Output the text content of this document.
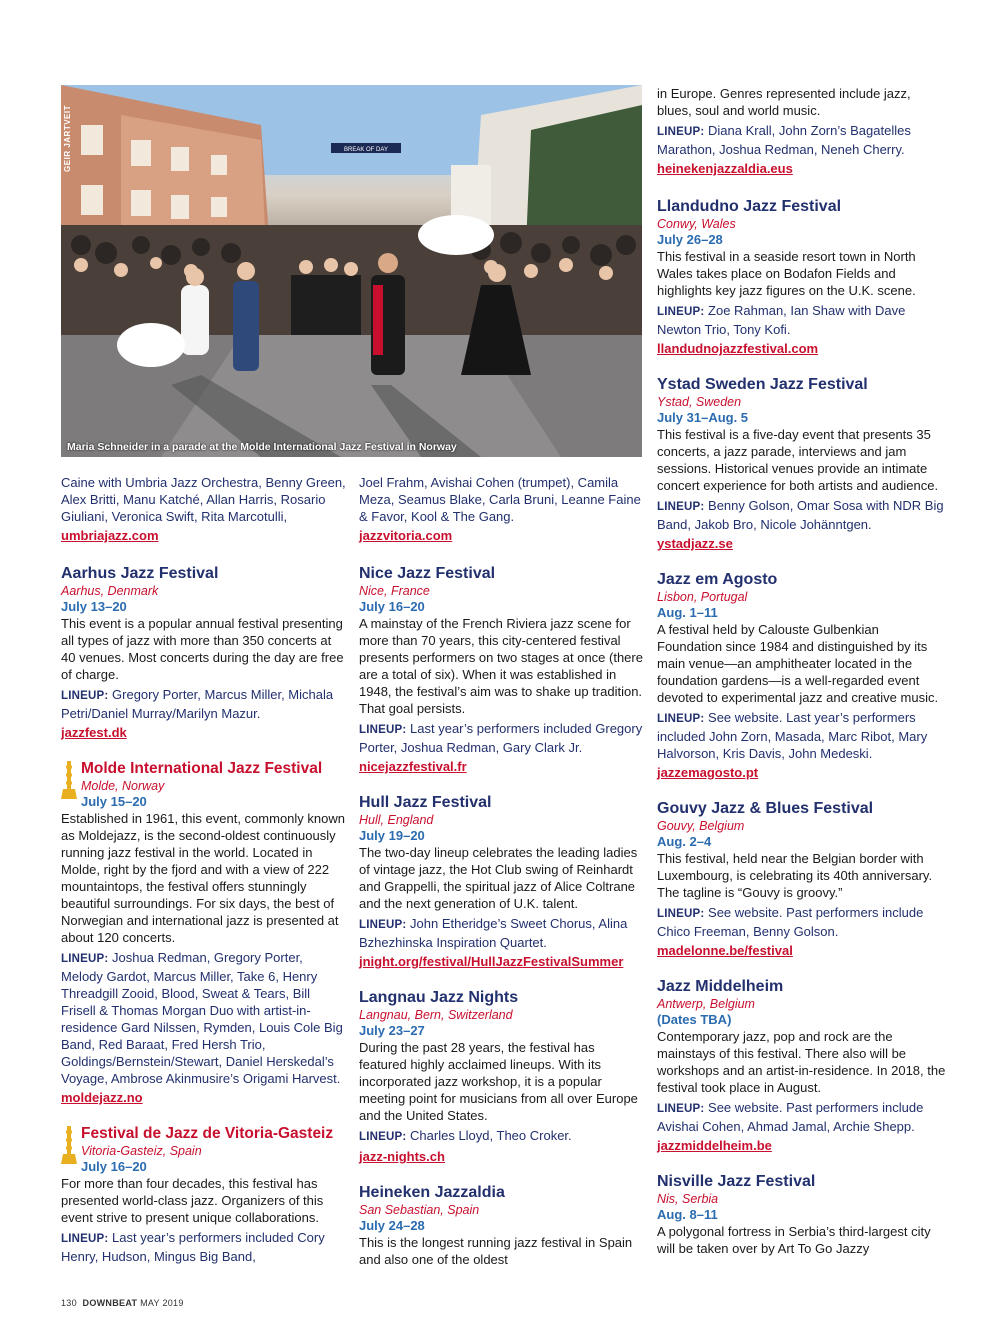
BREAK OF DAY
GEIR JARTVEIT
Maria Schneider in a parade at the Molde International Jazz Festival in Norway
Caine with Umbria Jazz Orchestra, Benny Green, Alex Britti, Manu Katché, Allan Harris, Rosario Giuliani, Veronica Swift, Rita Marcotulli,
umbriajazz.com
Aarhus Jazz Festival
Aarhus, Denmark
July 13–20
This event is a popular annual festival presenting all types of jazz with more than 350 concerts at 40 venues. Most concerts during the day are free of charge.
LINEUP: Gregory Porter, Marcus Miller, Michala Petri/Daniel Murray/Marilyn Mazur.
jazzfest.dk
Molde International Jazz Festival
Molde, Norway
July 15–20
Established in 1961, this event, commonly known as Moldejazz, is the second-oldest continuously running jazz festival in the world. Located in Molde, right by the fjord and with a view of 222 mountaintops, the festival offers stunningly beautiful surroundings. For six days, the best of Norwegian and international jazz is presented at about 120 concerts.
LINEUP: Joshua Redman, Gregory Porter, Melody Gardot, Marcus Miller, Take 6, Henry Threadgill Zooid, Blood, Sweat & Tears, Bill Frisell & Thomas Morgan Duo with artist-in-residence Gard Nilssen, Rymden, Louis Cole Big Band, Red Baraat, Fred Hersh Trio, Goldings/Bernstein/Stewart, Daniel Herskedal’s Voyage, Ambrose Akinmusire’s Origami Harvest.
moldejazz.no
Festival de Jazz de Vitoria-Gasteiz
Vitoria-Gasteiz, Spain
July 16–20
For more than four decades, this festival has presented world-class jazz. Organizers of this event strive to present unique collaborations.
LINEUP: Last year’s performers included Cory Henry, Hudson, Mingus Big Band,
Joel Frahm, Avishai Cohen (trumpet), Camila Meza, Seamus Blake, Carla Bruni, Leanne Faine & Favor, Kool & The Gang.
jazzvitoria.com
Nice Jazz Festival
Nice, France
July 16–20
A mainstay of the French Riviera jazz scene for more than 70 years, this city-centered festival presents performers on two stages at once (there are a total of six). When it was established in 1948, the festival’s aim was to shake up tradition. That goal persists.
LINEUP: Last year’s performers included Gregory Porter, Joshua Redman, Gary Clark Jr.
nicejazzfestival.fr
Hull Jazz Festival
Hull, England
July 19–20
The two-day lineup celebrates the leading ladies of vintage jazz, the Hot Club swing of Reinhardt and Grappelli, the spiritual jazz of Alice Coltrane and the next generation of U.K. talent.
LINEUP: John Etheridge’s Sweet Chorus, Alina Bzhezhinska Inspiration Quartet.
jnight.org/festival/HullJazzFestivalSummer
Langnau Jazz Nights
Langnau, Bern, Switzerland
July 23–27
During the past 28 years, the festival has featured highly acclaimed lineups. With its incorporated jazz workshop, it is a popular meeting point for musicians from all over Europe and the United States.
LINEUP: Charles Lloyd, Theo Croker.
jazz-nights.ch
Heineken Jazzaldia
San Sebastian, Spain
July 24–28
This is the longest running jazz festival in Spain and also one of the oldest
in Europe. Genres represented include jazz, blues, soul and world music.
LINEUP: Diana Krall, John Zorn’s Bagatelles Marathon, Joshua Redman, Neneh Cherry.
heinekenjazzaldia.eus
Llandudno Jazz Festival
Conwy, Wales
July 26–28
This festival in a seaside resort town in North Wales takes place on Bodafon Fields and highlights key jazz figures on the U.K. scene.
LINEUP: Zoe Rahman, Ian Shaw with Dave Newton Trio, Tony Kofi.
llandudnojazzfestival.com
Ystad Sweden Jazz Festival
Ystad, Sweden
July 31–Aug. 5
This festival is a five-day event that presents 35 concerts, a jazz parade, interviews and jam sessions. Historical venues provide an intimate concert experience for both artists and audience.
LINEUP: Benny Golson, Omar Sosa with NDR Big Band, Jakob Bro, Nicole Johänntgen.
ystadjazz.se
Jazz em Agosto
Lisbon, Portugal
Aug. 1–11
A festival held by Calouste Gulbenkian Foundation since 1984 and distinguished by its main venue—an amphitheater located in the foundation gardens—is a well-regarded event devoted to experimental jazz and creative music.
LINEUP: See website. Last year’s performers included John Zorn, Masada, Marc Ribot, Mary Halvorson, Kris Davis, John Medeski.
jazzemagosto.pt
Gouvy Jazz & Blues Festival
Gouvy, Belgium
Aug. 2–4
This festival, held near the Belgian border with Luxembourg, is celebrating its 40th anniversary. The tagline is “Gouvy is groovy.”
LINEUP: See website. Past performers include Chico Freeman, Benny Golson.
madelonne.be/festival
Jazz Middelheim
Antwerp, Belgium
(Dates TBA)
Contemporary jazz, pop and rock are the mainstays of this festival. There also will be workshops and an artist-in-residence. In 2018, the festival took place in August.
LINEUP: See website. Past performers include Avishai Cohen, Ahmad Jamal, Archie Shepp.
jazzmiddelheim.be
Nisville Jazz Festival
Nis, Serbia
Aug. 8–11
A polygonal fortress in Serbia’s third-largest city will be taken over by Art To Go Jazzy
130 DOWNBEAT MAY 2019
